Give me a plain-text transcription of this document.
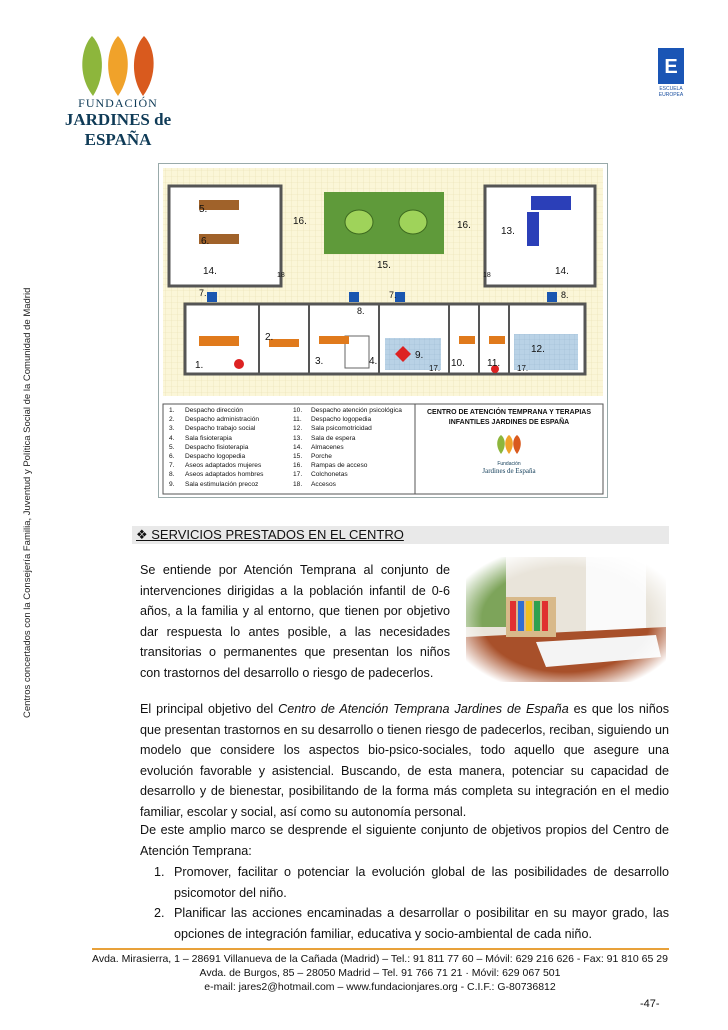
FUNDACIÓN
JARDINES de ESPAÑA
E
ESCUELA EUROPEA
Centros concertados con la Consejería Familia, Juventud y Política Social de la Comunidad de Madrid
5.
6.
14.	14.
16.	16.
13.
15.
7.	7.
8.
8.
1.
2.
3.	4.
9.
10. 11.
12.
17.	17.
18	18
1. Despacho dirección
2. Despacho administración
3. Despacho trabajo social
4. Sala fisioterapia
5. Despacho fisioterapia
6. Despacho logopedia
7. Aseos adaptados mujeres
8. Aseos adaptados hombres
9. Sala estimulación precoz
10. Despacho atención psicológica
11. Despacho logopedia
12. Sala psicomotricidad
13. Sala de espera
14. Almacenes
15. Porche
16. Rampas de acceso
17. Colchonetas
18. Accesos
CENTRO DE ATENCIÓN TEMPRANA Y TERAPIAS INFANTILES JARDINES DE ESPAÑA
Fundación
Jardines de España
❖ SERVICIOS PRESTADOS EN EL CENTRO
Se entiende por Atención Temprana al conjunto de intervenciones dirigidas a la población infantil de 0-6 años, a la familia y al entorno, que tienen por objetivo dar respuesta lo antes posible, a las necesidades transitorias o permanentes que presentan los niños con trastornos del desarrollo o riesgo de padecerlos.
El principal objetivo del Centro de Atención Temprana Jardines de España es que los niños que presentan trastornos en su desarrollo o tienen riesgo de padecerlos, reciban, siguiendo un modelo que considere los aspectos bio-psico-sociales, todo aquello que asegure una evolución favorable y asistencial. Buscando, de esta manera, potenciar su capacidad de desarrollo y de bienestar, posibilitando de la forma más completa su integración en el medio familiar, escolar y social, así como su autonomía personal.
De este amplio marco se desprende el siguiente conjunto de objetivos propios del Centro de Atención Temprana:
1. Promover, facilitar o potenciar la evolución global de las posibilidades de desarrollo psicomotor del niño.
2. Planificar las acciones encaminadas a desarrollar o posibilitar en su mayor grado, las opciones de integración familiar, educativa y socio-ambiental de cada niño.
Avda. Mirasierra, 1 – 28691 Villanueva de la Cañada (Madrid) – Tel.: 91 811 77 60 – Móvil: 629 216 626 - Fax: 91 810 65 29
Avda. de Burgos, 85 – 28050 Madrid – Tel. 91 766 71 21 · Móvil: 629 067 501
e-mail: jares2@hotmail.com – www.fundacionjares.org - C.I.F.: G-80736812
-47-
